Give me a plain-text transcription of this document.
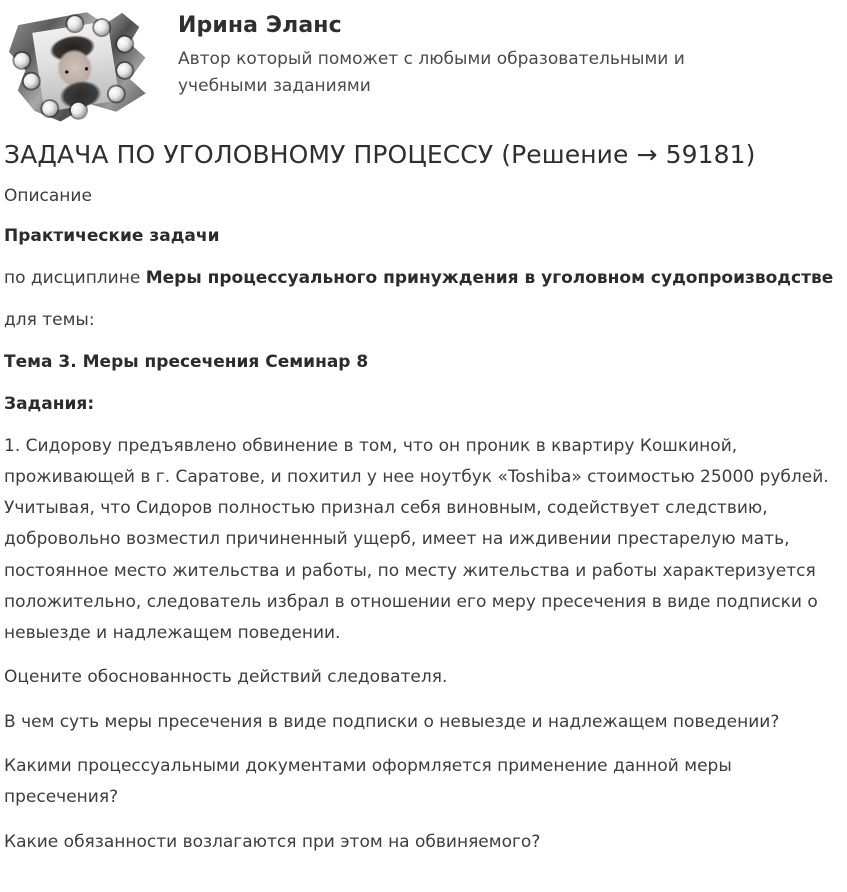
Ирина Эланс

Автор который поможет с любыми образовательными и учебными заданиями

ЗАДАЧА ПО УГОЛОВНОМУ ПРОЦЕССУ (Решение → 59181)

Описание

Практические задачи

по дисциплине Меры процессуального принуждения в уголовном судопроизводстве

для темы:

Тема 3. Меры пресечения Семинар 8

Задания:

1. Сидорову предъявлено обвинение в том, что он проник в квартиру Кошкиной, проживающей в г. Саратове, и похитил у нее ноутбук «Toshiba» стоимостью 25000 рублей. Учитывая, что Сидоров полностью признал себя виновным, содействует следствию, добровольно возместил причиненный ущерб, имеет на иждивении престарелую мать, постоянное место жительства и работы, по месту жительства и работы характеризуется положительно, следователь избрал в отношении его меру пресечения в виде подписки о невыезде и надлежащем поведении.

Оцените обоснованность действий следователя.

В чем суть меры пресечения в виде подписки о невыезде и надлежащем поведении?

Какими процессуальными документами оформляется применение данной меры пресечения?

Какие обязанности возлагаются при этом на обвиняемого?
